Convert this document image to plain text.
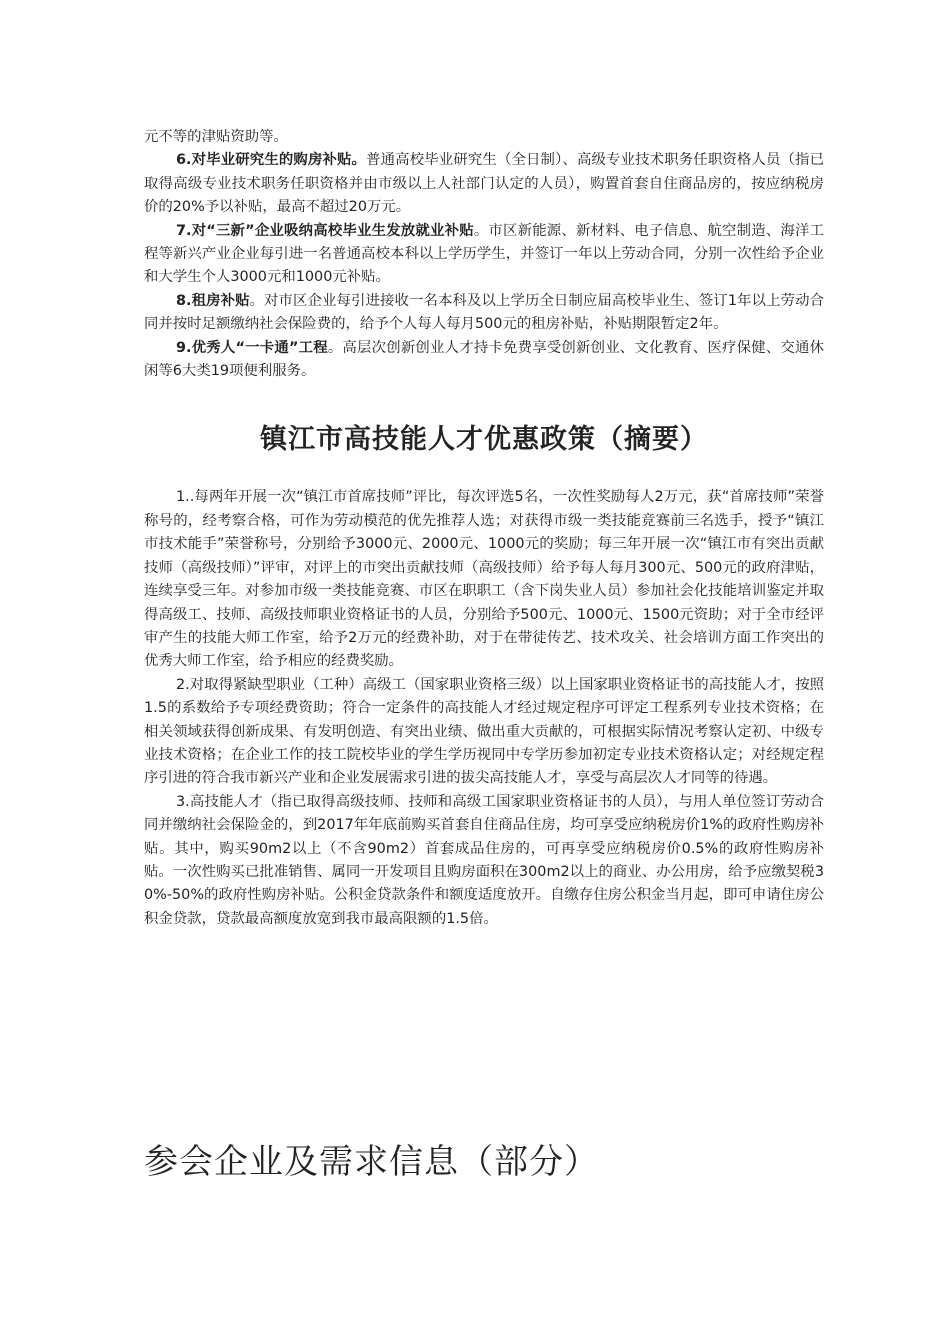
元不等的津贴资助等。

6.对毕业研究生的购房补贴。普通高校毕业研究生（全日制）、高级专业技术职务任职资格人员（指已取得高级专业技术职务任职资格并由市级以上人社部门认定的人员），购置首套自住商品房的，按应纳税房价的20%予以补贴，最高不超过20万元。

7.对“三新”企业吸纳高校毕业生发放就业补贴。市区新能源、新材料、电子信息、航空制造、海洋工程等新兴产业企业每引进一名普通高校本科以上学历学生，并签订一年以上劳动合同，分别一次性给予企业和大学生个人3000元和1000元补贴。

8.租房补贴。对市区企业每引进接收一名本科及以上学历全日制应届高校毕业生、签订1年以上劳动合同并按时足额缴纳社会保险费的，给予个人每人每月500元的租房补贴，补贴期限暂定2年。

9.优秀人“一卡通”工程。高层次创新创业人才持卡免费享受创新创业、文化教育、医疗保健、交通休闲等6大类19项便利服务。

镇江市高技能人才优惠政策（摘要）

1..每两年开展一次“镇江市首席技师”评比，每次评选5名，一次性奖励每人2万元，获“首席技师”荣誉称号的，经考察合格，可作为劳动模范的优先推荐人选；对获得市级一类技能竞赛前三名选手，授予“镇江市技术能手”荣誉称号，分别给予3000元、2000元、1000元的奖励；每三年开展一次“镇江市有突出贡献技师（高级技师）”评审，对评上的市突出贡献技师（高级技师）给予每人每月300元、500元的政府津贴，连续享受三年。对参加市级一类技能竞赛、市区在职职工（含下岗失业人员）参加社会化技能培训鉴定并取得高级工、技师、高级技师职业资格证书的人员，分别给予500元、1000元、1500元资助；对于全市经评审产生的技能大师工作室，给予2万元的经费补助，对于在带徒传艺、技术攻关、社会培训方面工作突出的优秀大师工作室，给予相应的经费奖励。

2.对取得紧缺型职业（工种）高级工（国家职业资格三级）以上国家职业资格证书的高技能人才，按照1.5的系数给予专项经费资助；符合一定条件的高技能人才经过规定程序可评定工程系列专业技术资格；在相关领域获得创新成果、有发明创造、有突出业绩、做出重大贡献的，可根据实际情况考察认定初、中级专业技术资格；在企业工作的技工院校毕业的学生学历视同中专学历参加初定专业技术资格认定；对经规定程序引进的符合我市新兴产业和企业发展需求引进的拔尖高技能人才，享受与高层次人才同等的待遇。

3.高技能人才（指已取得高级技师、技师和高级工国家职业资格证书的人员），与用人单位签订劳动合同并缴纳社会保险金的，到2017年年底前购买首套自住商品住房，均可享受应纳税房价1%的政府性购房补贴。其中，购买90m2以上（不含90m2）首套成品住房的，可再享受应纳税房价0.5%的政府性购房补贴。一次性购买已批准销售、属同一开发项目且购房面积在300m2以上的商业、办公用房，给予应缴契税30%-50%的政府性购房补贴。公积金贷款条件和额度适度放开。自缴存住房公积金当月起，即可申请住房公积金贷款，贷款最高额度放宽到我市最高限额的1.5倍。

参会企业及需求信息（部分）
